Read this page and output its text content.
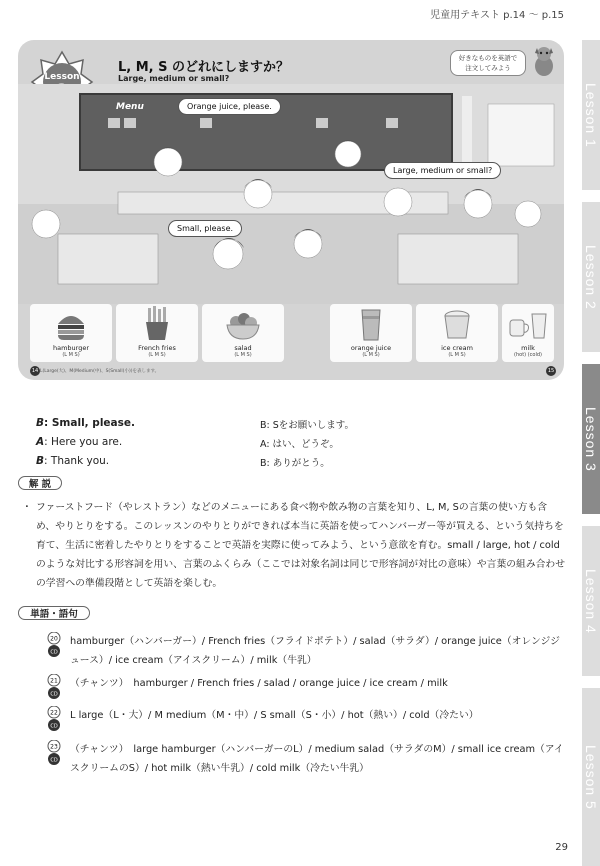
児童用テキスト p.14 〜 p.15
Lesson 1
Lesson 2
Lesson 3
Lesson 4
Lesson 5
Lesson
L, M, S のどれにしますか？
Large, medium or small?
好きなものを英語で
注文してみよう
Menu	Orange juice, please.
Large, medium or small?
Small, please.
hamburger
(L M S)
French fries
(L M S)
salad
(L M S)
orange juice
(L M S)
ice cream
(L M S)
milk
(hot) (cold)
14 L(Large(大)、M(Medium(中)、S(Small(小))を表します。	15
B: Small, please.	B: Sをお願いします。
A: Here you are.	A: はい、どうぞ。
B: Thank you.	B: ありがとう。
解 説
・ ファーストフード（やレストラン）などのメニューにある食べ物や飲み物の言葉を知り、L, M, Sの言葉の使い方も含め、やりとりをする。このレッスンのやりとりができれば本当に英語を使ってハンバーガー等が買える、という気持ちを育て、生活に密着したやりとりをすることで英語を実際に使ってみよう、という意欲を育む。small / large, hot / coldのような対比する形容詞を用い、言葉のふくらみ（ここでは対象名詞は同じで形容詞が対比の意味）や言葉の組み合わせの学習への準備段階として英語を楽しむ。
単語・語句
20
CD
hamburger（ハンバーガー）/ French fries（フライドポテト）/ salad（サラダ）/ orange juice（オレンジジュース）/ ice cream（アイスクリーム）/ milk（牛乳）
21
CD
（チャンツ）　hamburger / French fries / salad / orange juice / ice cream / milk
22
CD
L large（L・大）/ M medium（M・中）/ S small（S・小）/ hot（熱い）/ cold（冷たい）
23
CD
（チャンツ）　large hamburger（ハンバーガーのL）/ medium salad（サラダのM）/ small ice cream（アイスクリームのS）/ hot milk（熱い牛乳）/ cold milk（冷たい牛乳）
29
